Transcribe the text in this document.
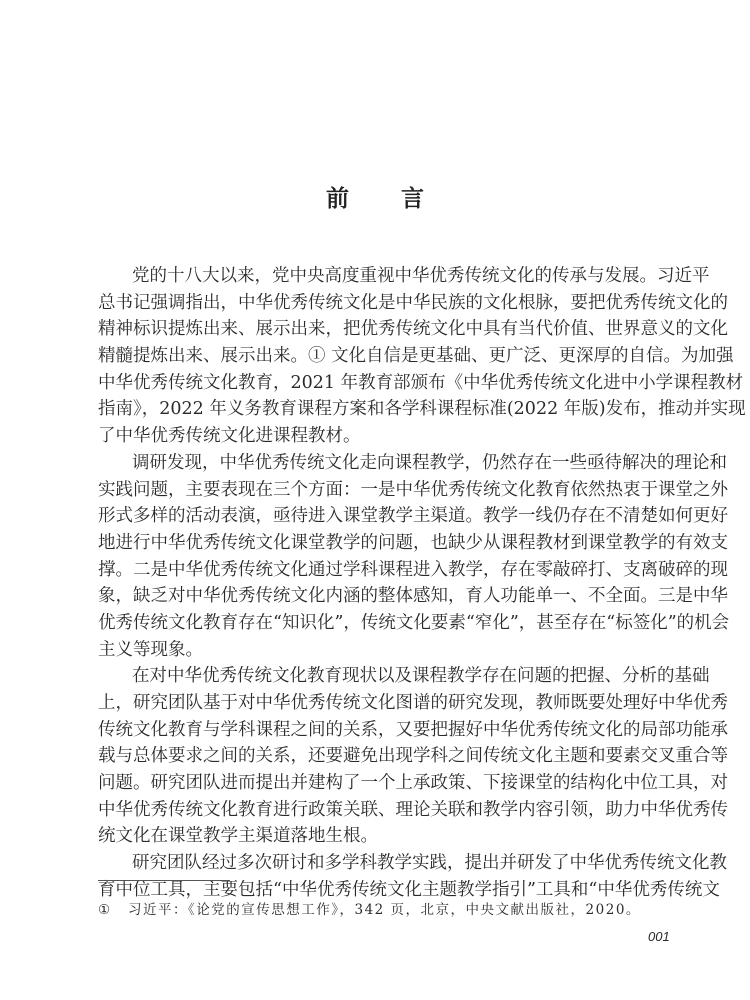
前 言
党的十八大以来，党中央高度重视中华优秀传统文化的传承与发展。习近平
总书记强调指出，中华优秀传统文化是中华民族的文化根脉，要把优秀传统文化的
精神标识提炼出来、展示出来，把优秀传统文化中具有当代价值、世界意义的文化
精髓提炼出来、展示出来。① 文化自信是更基础、更广泛、更深厚的自信。为加强
中华优秀传统文化教育，2021 年教育部颁布《中华优秀传统文化进中小学课程教材
指南》，2022 年义务教育课程方案和各学科课程标准(2022 年版)发布，推动并实现
了中华优秀传统文化进课程教材。
调研发现，中华优秀传统文化走向课程教学，仍然存在一些亟待解决的理论和
实践问题，主要表现在三个方面：一是中华优秀传统文化教育依然热衷于课堂之外
形式多样的活动表演，亟待进入课堂教学主渠道。教学一线仍存在不清楚如何更好
地进行中华优秀传统文化课堂教学的问题，也缺少从课程教材到课堂教学的有效支
撑。二是中华优秀传统文化通过学科课程进入教学，存在零敲碎打、支离破碎的现
象，缺乏对中华优秀传统文化内涵的整体感知，育人功能单一、不全面。三是中华
优秀传统文化教育存在“知识化”，传统文化要素“窄化”，甚至存在“标签化”的机会
主义等现象。
在对中华优秀传统文化教育现状以及课程教学存在问题的把握、分析的基础
上，研究团队基于对中华优秀传统文化图谱的研究发现，教师既要处理好中华优秀
传统文化教育与学科课程之间的关系，又要把握好中华优秀传统文化的局部功能承
载与总体要求之间的关系，还要避免出现学科之间传统文化主题和要素交叉重合等
问题。研究团队进而提出并建构了一个上承政策、下接课堂的结构化中位工具，对
中华优秀传统文化教育进行政策关联、理论关联和教学内容引领，助力中华优秀传
统文化在课堂教学主渠道落地生根。
研究团队经过多次研讨和多学科教学实践，提出并研发了中华优秀传统文化教
育中位工具，主要包括“中华优秀传统文化主题教学指引”工具和“中华优秀传统文
① 习近平：《论党的宣传思想工作》，342 页，北京，中央文献出版社，2020。
001
